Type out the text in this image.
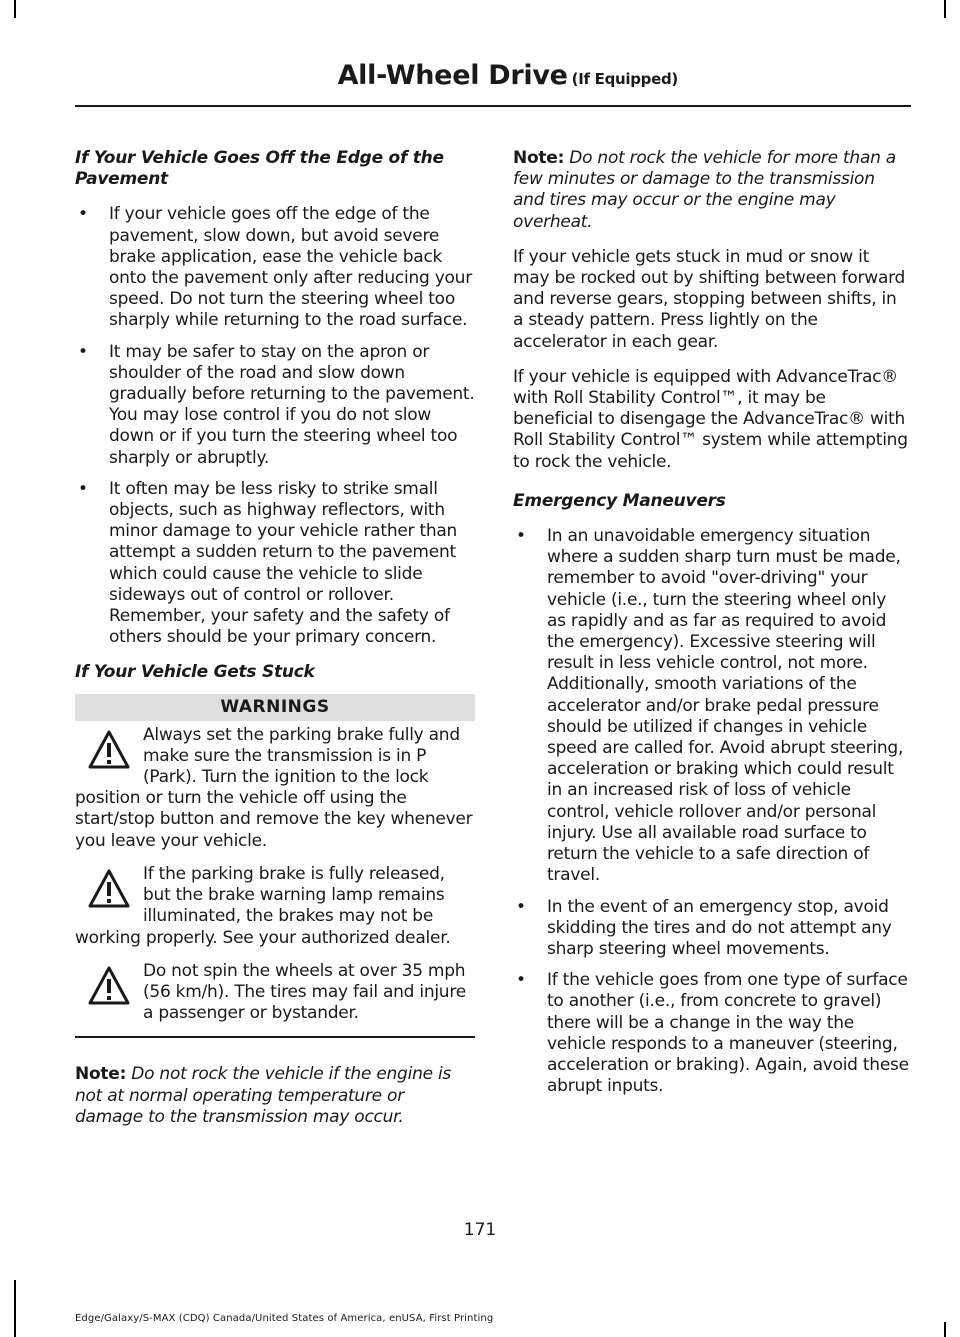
All-Wheel Drive (If Equipped)
If Your Vehicle Goes Off the Edge of the Pavement
• If your vehicle goes off the edge of the pavement, slow down, but avoid severe brake application, ease the vehicle back onto the pavement only after reducing your speed. Do not turn the steering wheel too sharply while returning to the road surface.
• It may be safer to stay on the apron or shoulder of the road and slow down gradually before returning to the pavement. You may lose control if you do not slow down or if you turn the steering wheel too sharply or abruptly.
• It often may be less risky to strike small objects, such as highway reflectors, with minor damage to your vehicle rather than attempt a sudden return to the pavement which could cause the vehicle to slide sideways out of control or rollover. Remember, your safety and the safety of others should be your primary concern.
If Your Vehicle Gets Stuck
WARNINGS
Always set the parking brake fully and make sure the transmission is in P (Park). Turn the ignition to the lock position or turn the vehicle off using the start/stop button and remove the key whenever you leave your vehicle.
If the parking brake is fully released, but the brake warning lamp remains illuminated, the brakes may not be working properly. See your authorized dealer.
Do not spin the wheels at over 35 mph (56 km/h). The tires may fail and injure a passenger or bystander.
Note: Do not rock the vehicle if the engine is not at normal operating temperature or damage to the transmission may occur.
Note: Do not rock the vehicle for more than a few minutes or damage to the transmission and tires may occur or the engine may overheat.

If your vehicle gets stuck in mud or snow it may be rocked out by shifting between forward and reverse gears, stopping between shifts, in a steady pattern. Press lightly on the accelerator in each gear.

If your vehicle is equipped with AdvanceTrac® with Roll Stability Control™, it may be beneficial to disengage the AdvanceTrac® with Roll Stability Control™ system while attempting to rock the vehicle.

Emergency Maneuvers
• In an unavoidable emergency situation where a sudden sharp turn must be made, remember to avoid "over-driving" your vehicle (i.e., turn the steering wheel only as rapidly and as far as required to avoid the emergency). Excessive steering will result in less vehicle control, not more. Additionally, smooth variations of the accelerator and/or brake pedal pressure should be utilized if changes in vehicle speed are called for. Avoid abrupt steering, acceleration or braking which could result in an increased risk of loss of vehicle control, vehicle rollover and/or personal injury. Use all available road surface to return the vehicle to a safe direction of travel.
• In the event of an emergency stop, avoid skidding the tires and do not attempt any sharp steering wheel movements.
• If the vehicle goes from one type of surface to another (i.e., from concrete to gravel) there will be a change in the way the vehicle responds to a maneuver (steering, acceleration or braking). Again, avoid these abrupt inputs.
171
Edge/Galaxy/S-MAX (CDQ) Canada/United States of America, enUSA, First Printing
